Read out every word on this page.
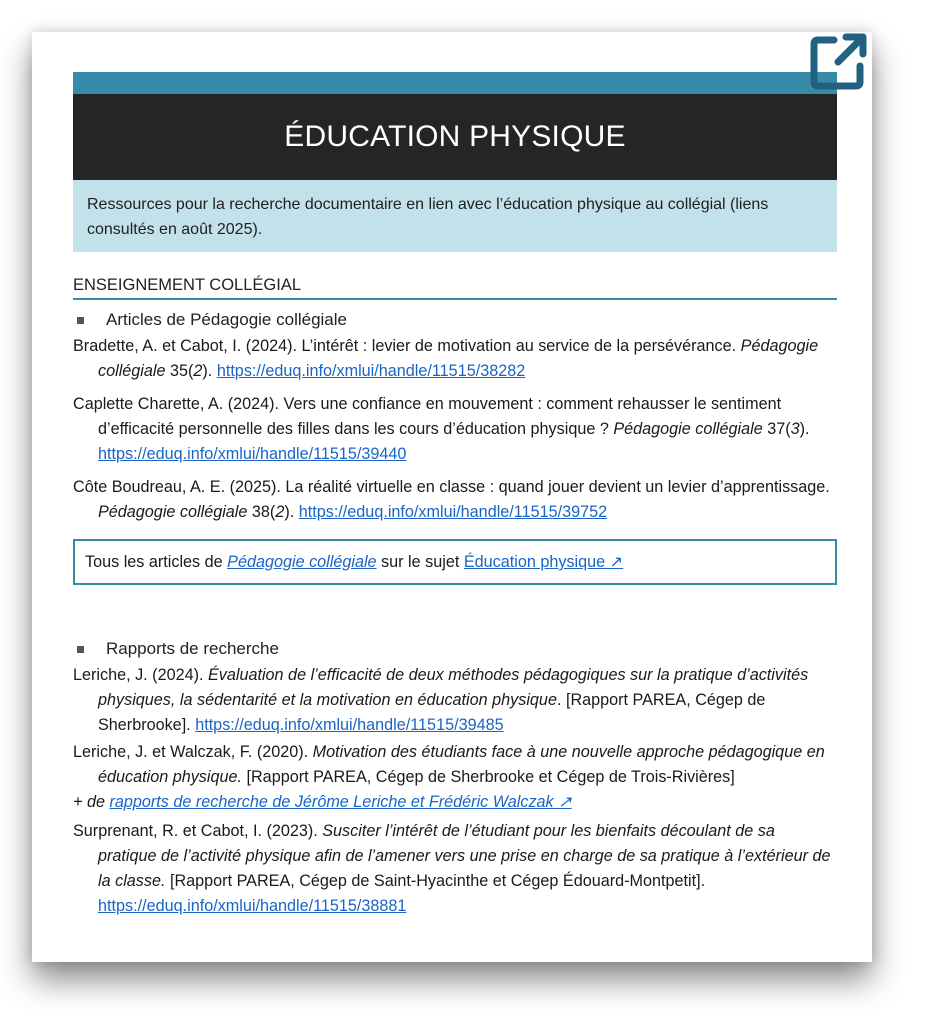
ÉDUCATION PHYSIQUE
Ressources pour la recherche documentaire en lien avec l’éducation physique au collégial (liens consultés en août 2025).
ENSEIGNEMENT COLLÉGIAL
Articles de Pédagogie collégiale
Bradette, A. et Cabot, I. (2024). L’intérêt : levier de motivation au service de la persévérance. Pédagogie collégiale 35(2). https://eduq.info/xmlui/handle/11515/38282
Caplette Charette, A. (2024). Vers une confiance en mouvement : comment rehausser le sentiment d’efficacité personnelle des filles dans les cours d’éducation physique ? Pédagogie collégiale 37(3). https://eduq.info/xmlui/handle/11515/39440
Côte Boudreau, A. E. (2025). La réalité virtuelle en classe : quand jouer devient un levier d’apprentissage. Pédagogie collégiale 38(2). https://eduq.info/xmlui/handle/11515/39752
Tous les articles de Pédagogie collégiale sur le sujet Éducation physique ↗
Rapports de recherche
Leriche, J. (2024). Évaluation de l’efficacité de deux méthodes pédagogiques sur la pratique d’activités physiques, la sédentarité et la motivation en éducation physique. [Rapport PAREA, Cégep de Sherbrooke]. https://eduq.info/xmlui/handle/11515/39485
Leriche, J. et Walczak, F. (2020). Motivation des étudiants face à une nouvelle approche pédagogique en éducation physique. [Rapport PAREA, Cégep de Sherbrooke et Cégep de Trois-Rivières]
+ de rapports de recherche de Jérôme Leriche et Frédéric Walczak ↗
Surprenant, R. et Cabot, I. (2023). Susciter l’intérêt de l’étudiant pour les bienfaits découlant de sa pratique de l’activité physique afin de l’amener vers une prise en charge de sa pratique à l’extérieur de la classe. [Rapport PAREA, Cégep de Saint-Hyacinthe et Cégep Édouard-Montpetit]. https://eduq.info/xmlui/handle/11515/38881
